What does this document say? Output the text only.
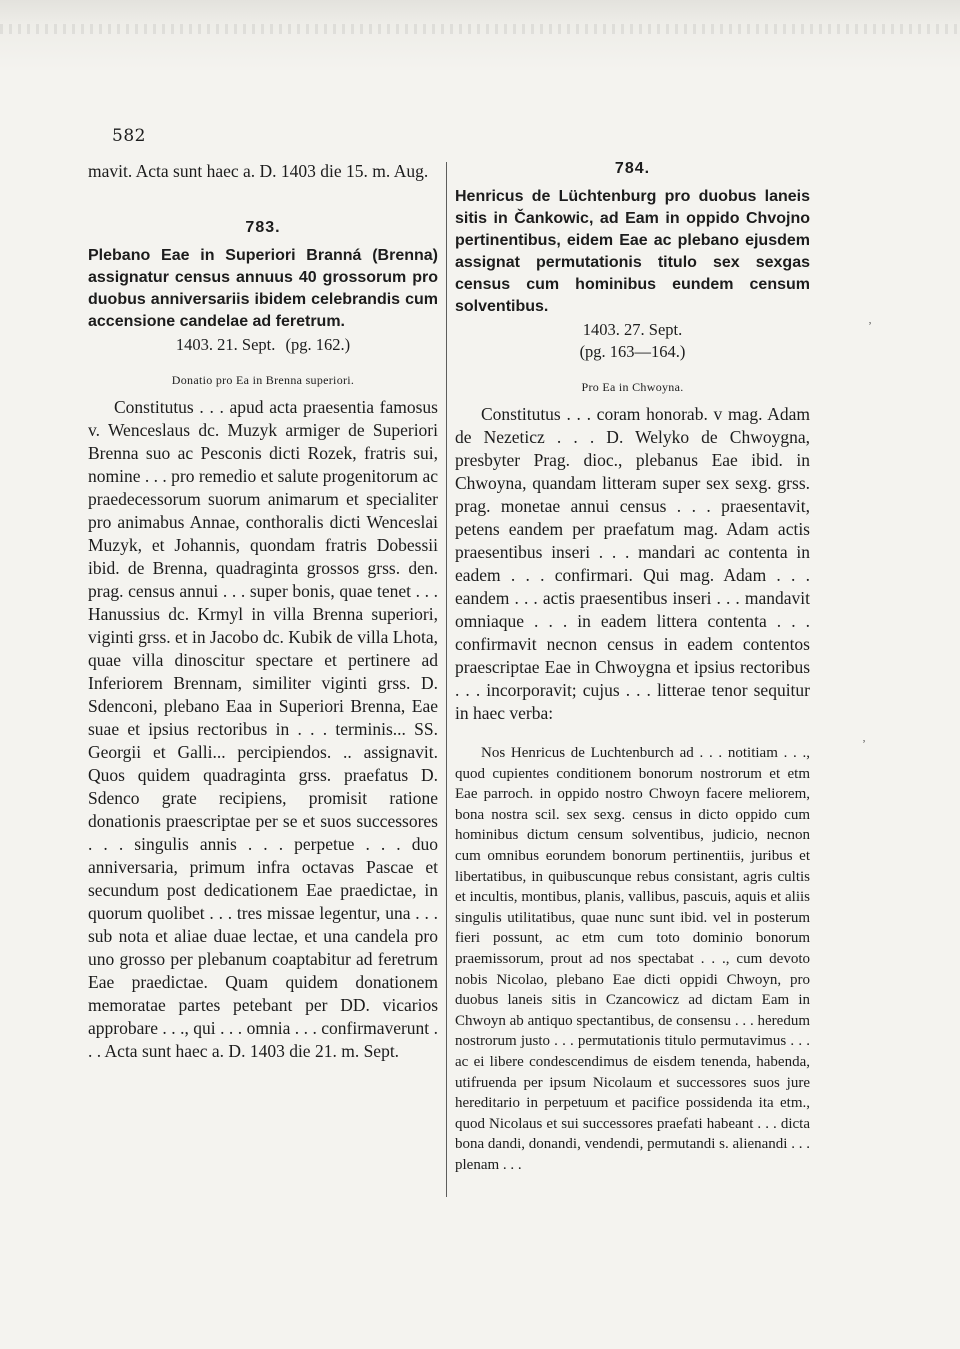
582

mavit. Acta sunt haec a. D. 1403 die 15. m. Aug.

783.

Plebano Eae in Superiori Branná (Brenna) assignatur census annuus 40 grossorum pro duobus anniversariis ibidem celebrandis cum accensione candelae ad feretrum.

1403. 21. Sept. (pg. 162.)

Donatio pro Ea in Brenna superiori.

Constitutus . . . apud acta praesentia famosus v. Wenceslaus dc. Muzyk armiger de Superiori Brenna suo ac Pesconis dicti Rozek, fratris sui, nomine . . . pro remedio et salute progenitorum ac praedecessorum suorum animarum et specialiter pro animabus Annae, conthoralis dicti Wenceslai Muzyk, et Johannis, quondam fratris Dobessii ibid. de Brenna, quadraginta grossos grss. den. prag. census annui . . . super bonis, quae tenet . . . Hanussius dc. Krmyl in villa Brenna superiori, viginti grss. et in Jacobo dc. Kubik de villa Lhota, quae villa dinoscitur spectare et pertinere ad Inferiorem Brennam, similiter viginti grss. D. Sdenconi, plebano Eaa in Superiori Brenna, Eae suae et ipsius rectoribus in . . . terminis... SS. Georgii et Galli... percipiendos. .. assignavit. Quos quidem quadraginta grss. praefatus D. Sdenco grate recipiens, promisit ratione donationis praescriptae per se et suos successores . . . singulis annis . . . perpetue . . . duo anniversaria, primum infra octavas Pascae et secundum post dedicationem Eae praedictae, in quorum quolibet . . . tres missae legentur, una . . . sub nota et aliae duae lectae, et una candela pro uno grosso per plebanum coaptabitur ad feretrum Eae praedictae. Quam quidem donationem memoratae partes petebant per DD. vicarios approbare . . ., qui . . . omnia . . . confirmaverunt . . . Acta sunt haec a. D. 1403 die 21. m. Sept.

784.

Henricus de Lüchtenburg pro duobus laneis sitis in Čankowic, ad Eam in oppido Chvojno pertinentibus, eidem Eae ac plebano ejusdem assignat permutationis titulo sex sexgas census cum hominibus eundem censum solventibus.

1403. 27. Sept.

(pg. 163—164.)

Pro Ea in Chwoyna.

Constitutus . . . coram honorab. v mag. Adam de Nezeticz . . . D. Welyko de Chwoygna, presbyter Prag. dioc., plebanus Eae ibid. in Chwoyna, quandam litteram super sex sexg. grss. prag. monetae annui census . . . praesentavit, petens eandem per praefatum mag. Adam actis praesentibus inseri . . . mandari ac contenta in eadem . . . confirmari. Qui mag. Adam . . . eandem . . . actis praesentibus inseri . . . mandavit omniaque . . . in eadem littera contenta . . . confirmavit necnon census in eadem contentos praescriptae Eae in Chwoygna et ipsius rectoribus . . . incorporavit; cujus . . . litterae tenor sequitur in haec verba:

Nos Henricus de Luchtenburch ad . . . notitiam . . ., quod cupientes conditionem bonorum nostrorum et etm Eae parroch. in oppido nostro Chwoyn facere meliorem, bona nostra scil. sex sexg. census in dicto oppido cum hominibus dictum censum solventibus, judicio, necnon cum omnibus eorundem bonorum pertinentiis, juribus et libertatibus, in quibuscunque rebus consistant, agris cultis et incultis, montibus, planis, vallibus, pascuis, aquis et aliis singulis utilitatibus, quae nunc sunt ibid. vel in posterum fieri possunt, ac etm cum toto dominio bonorum praemissorum, prout ad nos spectabat . . ., cum devoto nobis Nicolao, plebano Eae dicti oppidi Chwoyn, pro duobus laneis sitis in Czancowicz ad dictam Eam in Chwoyn ab antiquo spectantibus, de consensu . . . heredum nostrorum justo . . . permutationis titulo permutavimus . . . ac ei libere condescendimus de eisdem tenenda, habenda, utifruenda per ipsum Nicolaum et successores suos jure hereditario in perpetuum et pacifice possidenda ita etm., quod Nicolaus et sui successores praefati habeant . . . dicta bona dandi, donandi, vendendi, permutandi s. alienandi . . . plenam . . .

‚
‚
